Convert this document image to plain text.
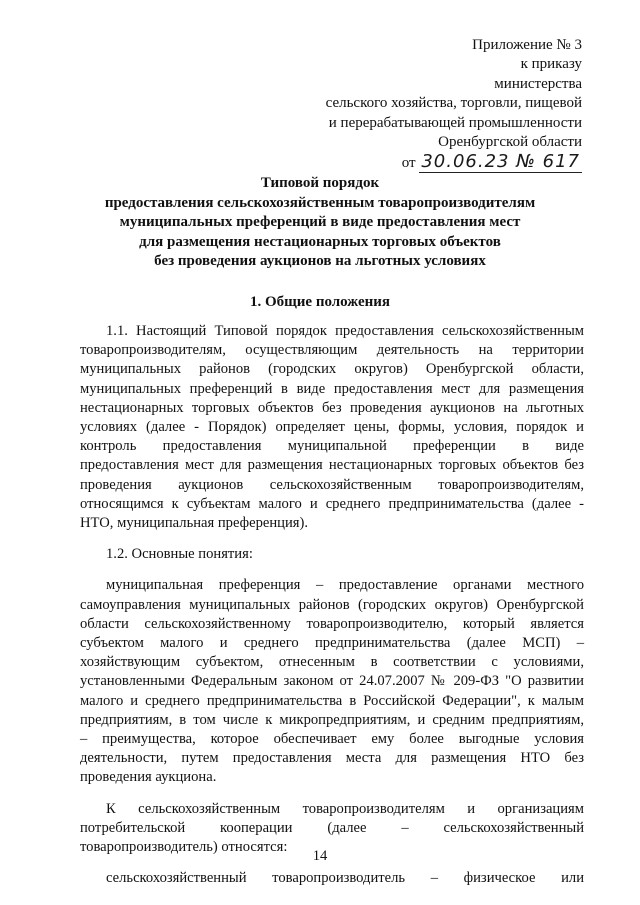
Приложение № 3
к приказу
министерства
сельского хозяйства, торговли, пищевой
и перерабатывающей промышленности
Оренбургской области
от 30.06.23 № 617
Типовой порядок
предоставления сельскохозяйственным товаропроизводителям
муниципальных преференций в виде предоставления мест
для размещения нестационарных торговых объектов
без проведения аукционов на льготных условиях
1. Общие положения
1.1. Настоящий Типовой порядок предоставления сельскохозяйственным
товаропроизводителям, осуществляющим деятельность на территории
муниципальных районов (городских округов) Оренбургской области,
муниципальных преференций в виде предоставления мест для размещения
нестационарных торговых объектов без проведения аукционов на льготных
условиях (далее - Порядок) определяет цены, формы, условия, порядок и
контроль предоставления муниципальной преференции в виде
предоставления мест для размещения нестационарных торговых объектов без
проведения аукционов сельскохозяйственным товаропроизводителям,
относящимся к субъектам малого и среднего предпринимательства (далее -
НТО, муниципальная преференция).
1.2. Основные понятия:
муниципальная преференция – предоставление органами местного
самоуправления муниципальных районов (городских округов) Оренбургской
области сельскохозяйственному товаропроизводителю, который является
субъектом малого и среднего предпринимательства (далее МСП) –
хозяйствующим субъектом, отнесенным в соответствии с условиями,
установленными Федеральным законом от 24.07.2007 № 209-ФЗ "О развитии
малого и среднего предпринимательства в Российской Федерации", к малым
предприятиям, в том числе к микропредприятиям, и средним предприятиям,
– преимущества, которое обеспечивает ему более выгодные условия
деятельности, путем предоставления места для размещения НТО без
проведения аукциона.
К сельскохозяйственным товаропроизводителям и организациям
потребительской кооперации (далее – сельскохозяйственный
товаропроизводитель) относятся:
сельскохозяйственный товаропроизводитель – физическое или
14
